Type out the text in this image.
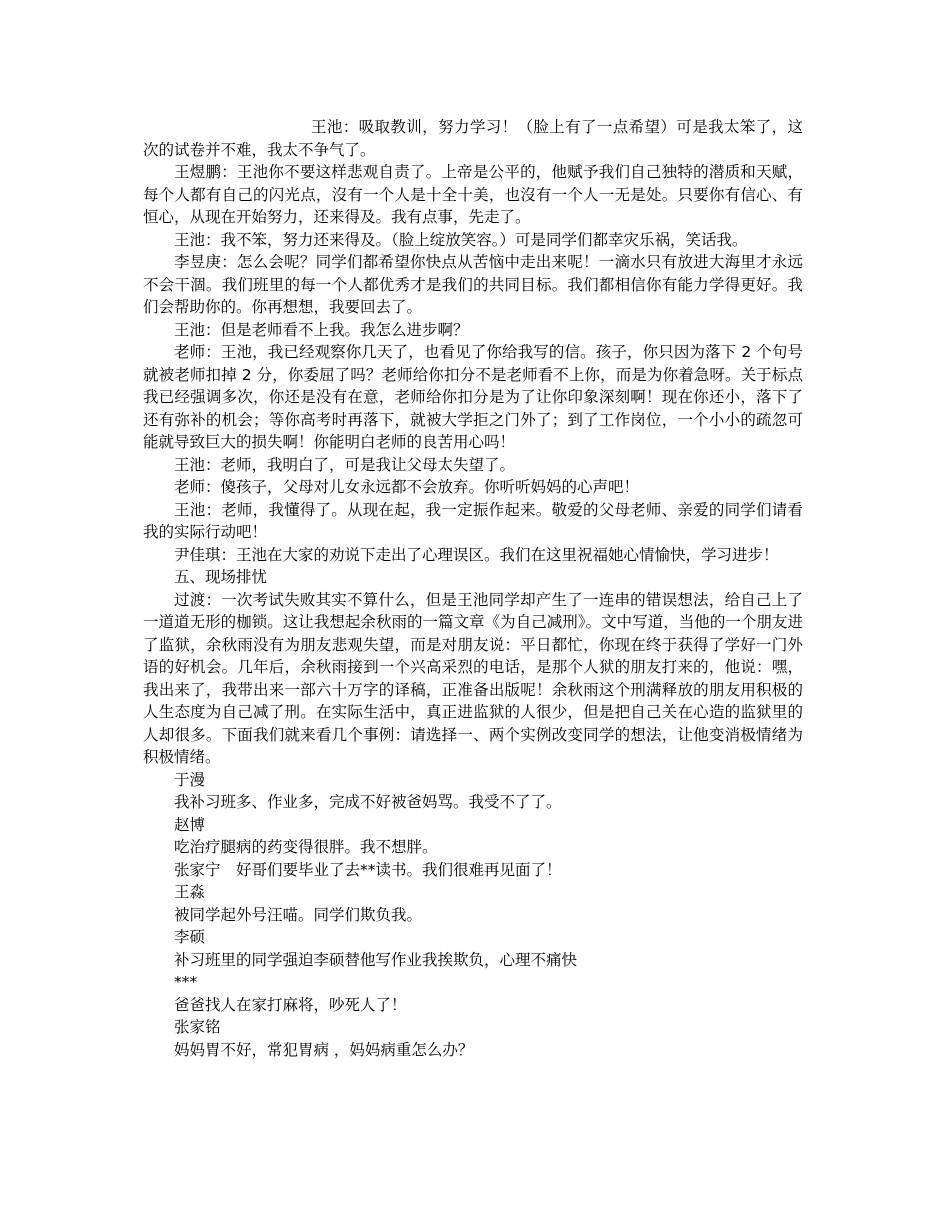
王池：吸取教训，努力学习！（脸上有了一点希望）可是我太笨了，这次的试卷并不难，我太不争气了。

王煜鹏：王池你不要这样悲观自责了。上帝是公平的，他赋予我们自己独特的潜质和天赋，每个人都有自己的闪光点，沒有一个人是十全十美，也沒有一个人一无是处。只要你有信心、有恒心，从现在开始努力，还来得及。我有点事，先走了。

王池：我不笨，努力还来得及。（脸上绽放笑容。）可是同学们都幸灾乐祸，笑话我。

李昱庚：怎么会呢？同学们都希望你快点从苦恼中走出来呢！一滴水只有放进大海里才永远不会干涸。我们班里的每一个人都优秀才是我们的共同目标。我们都相信你有能力学得更好。我们会帮助你的。你再想想，我要回去了。

王池：但是老师看不上我。我怎么进步啊？

老师：王池，我已经观察你几天了，也看见了你给我写的信。孩子，你只因为落下 2 个句号就被老师扣掉 2 分，你委屈了吗？老师给你扣分不是老师看不上你，而是为你着急呀。关于标点我已经强调多次，你还是没有在意，老师给你扣分是为了让你印象深刻啊！现在你还小，落下了还有弥补的机会；等你高考时再落下，就被大学拒之门外了；到了工作岗位，一个小小的疏忽可能就导致巨大的损失啊！你能明白老师的良苦用心吗！

王池：老师，我明白了，可是我让父母太失望了。

老师：傻孩子，父母对儿女永远都不会放弃。你听听妈妈的心声吧！

王池：老师，我懂得了。从现在起，我一定振作起来。敬爱的父母老师、亲爱的同学们请看我的实际行动吧！

尹佳琪：王池在大家的劝说下走出了心理误区。我们在这里祝福她心情愉快，学习进步！

五、现场排忧

过渡：一次考试失败其实不算什么，但是王池同学却产生了一连串的错误想法，给自己上了一道道无形的枷锁。这让我想起余秋雨的一篇文章《为自己减刑》。文中写道，当他的一个朋友进了监狱，余秋雨没有为朋友悲观失望，而是对朋友说：平日都忙，你现在终于获得了学好一门外语的好机会。几年后，余秋雨接到一个兴高采烈的电话，是那个人狱的朋友打来的，他说：嘿，我出来了，我带出来一部六十万字的译稿，正准备出版呢！余秋雨这个刑满释放的朋友用积极的人生态度为自己减了刑。在实际生活中，真正进监狱的人很少，但是把自己关在心造的监狱里的人却很多。下面我们就来看几个事例：请选择一、两个实例改变同学的想法，让他变消极情绪为积极情绪。

于漫
我补习班多、作业多，完成不好被爸妈骂。我受不了了。
赵博
吃治疗腿病的药变得很胖。我不想胖。
张家宁　好哥们要毕业了去**读书。我们很难再见面了！
王淼
被同学起外号汪喵。同学们欺负我。
李硕
补习班里的同学强迫李硕替他写作业我挨欺负，心理不痛快
***
爸爸找人在家打麻将，吵死人了！
张家铭
妈妈胃不好，常犯胃病 ，妈妈病重怎么办？
